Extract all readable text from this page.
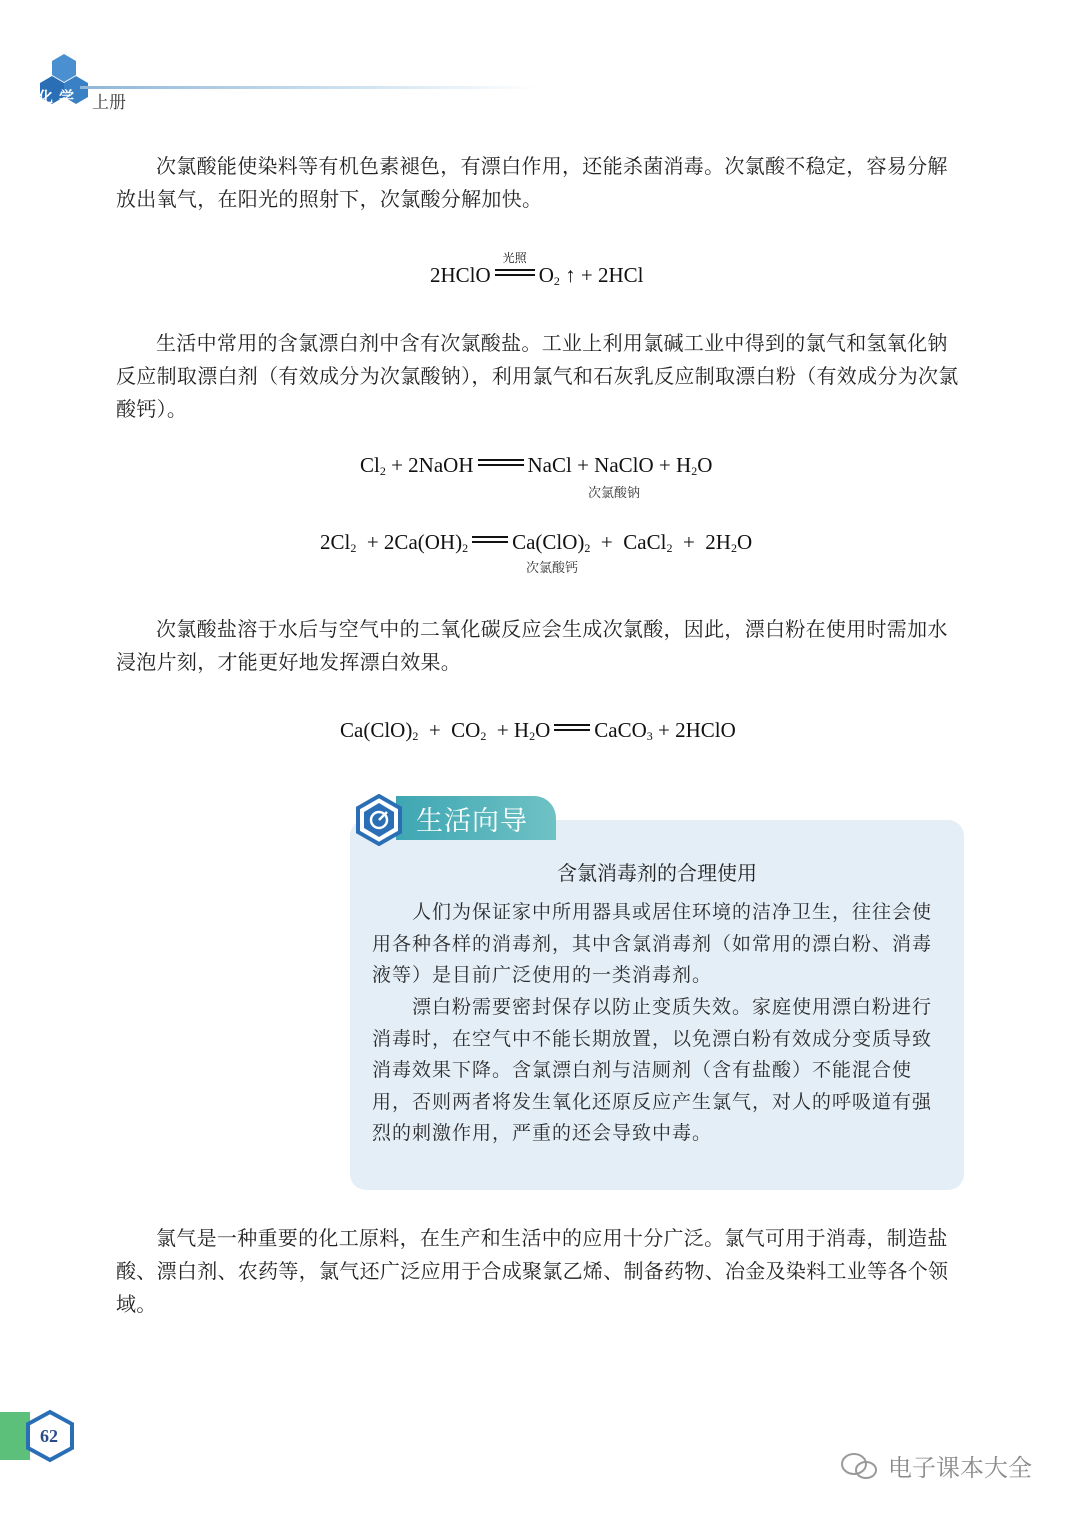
化学 上册

次氯酸能使染料等有机色素褪色，有漂白作用，还能杀菌消毒。次氯酸不稳定，容易分解放出氧气，在阳光的照射下，次氯酸分解加快。

2HClO
光照
$O_2$ ↑ + 2HCl

生活中常用的含氯漂白剂中含有次氯酸盐。工业上利用氯碱工业中得到的氯气和氢氧化钠反应制取漂白剂（有效成分为次氯酸钠），利用氯气和石灰乳反应制取漂白粉（有效成分为次氯酸钙）。

$Cl_2$ + 2NaOH	NaCl + NaClO + $H_2O$
次氯酸钠
$2Cl_2 + 2Ca(OH)_2$ $Ca(ClO)_2$  +  CaCl$_2$  +  $2H_2O$
次氯酸钙

次氯酸盐溶于水后与空气中的二氧化碳反应会生成次氯酸，因此，漂白粉在使用时需加水浸泡片刻，才能更好地发挥漂白效果。

$Ca(ClO)_2 + CO_2 + H_2O$ CaCO$_3$ + 2HClO
生活向导
含氯消毒剂的合理使用

人们为保证家中所用器具或居住环境的洁净卫生，往往会使用各种各样的消毒剂，其中含氯消毒剂（如常用的漂白粉、消毒液等）是目前广泛使用的一类消毒剂。

漂白粉需要密封保存以防止变质失效。家庭使用漂白粉进行消毒时，在空气中不能长期放置，以免漂白粉有效成分变质导致消毒效果下降。含氯漂白剂与洁厕剂（含有盐酸）不能混合使用，否则两者将发生氧化还原反应产生氯气，对人的呼吸道有强烈的刺激作用，严重的还会导致中毒。

氯气是一种重要的化工原料，在生产和生活中的应用十分广泛。氯气可用于消毒，制造盐酸、漂白剂、农药等，氯气还广泛应用于合成聚氯乙烯、制备药物、冶金及染料工业等各个领域。

62
电子课本大全
